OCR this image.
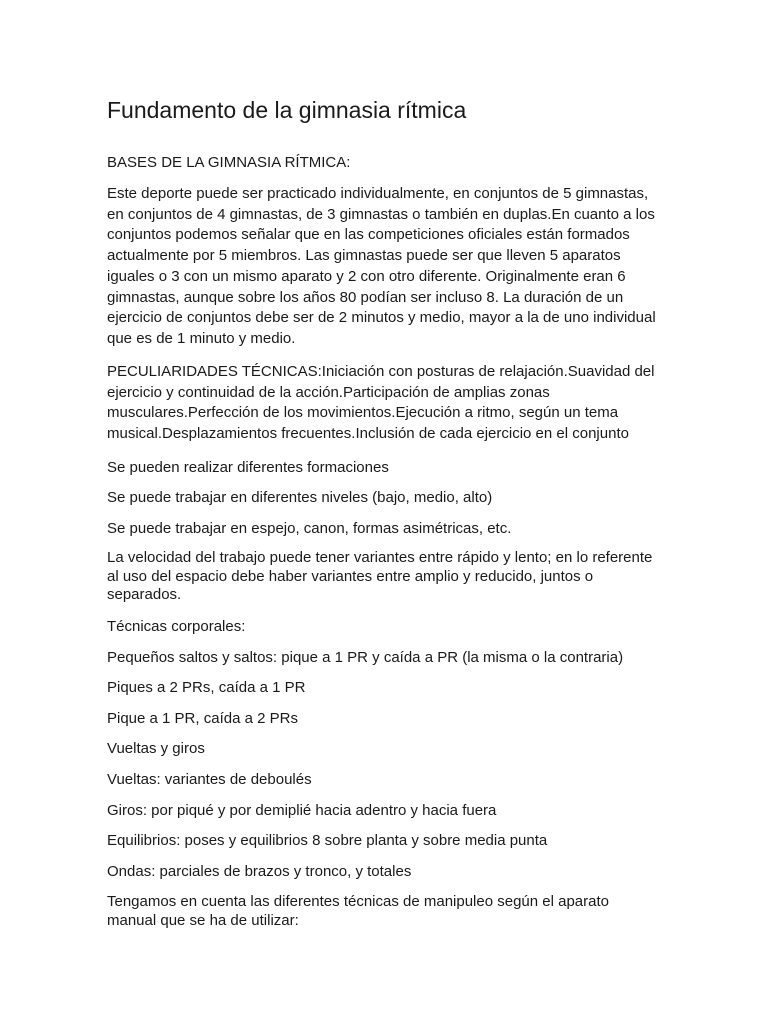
Fundamento de la gimnasia rítmica

BASES DE LA GIMNASIA RÍTMICA:

Este deporte puede ser practicado individualmente, en conjuntos de 5 gimnastas,
en conjuntos de 4 gimnastas, de 3 gimnastas o también en duplas.En cuanto a los
conjuntos podemos señalar que en las competiciones oficiales están formados
actualmente por 5 miembros. Las gimnastas puede ser que lleven 5 aparatos
iguales o 3 con un mismo aparato y 2 con otro diferente. Originalmente eran 6
gimnastas, aunque sobre los años 80 podían ser incluso 8. La duración de un
ejercicio de conjuntos debe ser de 2 minutos y medio, mayor a la de uno individual
que es de 1 minuto y medio.

PECULIARIDADES TÉCNICAS:Iniciación con posturas de relajación.Suavidad del
ejercicio y continuidad de la acción.Participación de amplias zonas
musculares.Perfección de los movimientos.Ejecución a ritmo, según un tema
musical.Desplazamientos frecuentes.Inclusión de cada ejercicio en el conjunto

Se pueden realizar diferentes formaciones

Se puede trabajar en diferentes niveles (bajo, medio, alto)

Se puede trabajar en espejo, canon, formas asimétricas, etc.

La velocidad del trabajo puede tener variantes entre rápido y lento; en lo referente
al uso del espacio debe haber variantes entre amplio y reducido, juntos o
separados.

Técnicas corporales:

Pequeños saltos y saltos: pique a 1 PR y caída a PR (la misma o la contraria)

Piques a 2 PRs, caída a 1 PR

Pique a 1 PR, caída a 2 PRs

Vueltas y giros

Vueltas: variantes de deboulés

Giros: por piqué y por demiplié hacia adentro y hacia fuera

Equilibrios: poses y equilibrios 8 sobre planta y sobre media punta

Ondas: parciales de brazos y tronco, y totales

Tengamos en cuenta las diferentes técnicas de manipuleo según el aparato
manual que se ha de utilizar:
